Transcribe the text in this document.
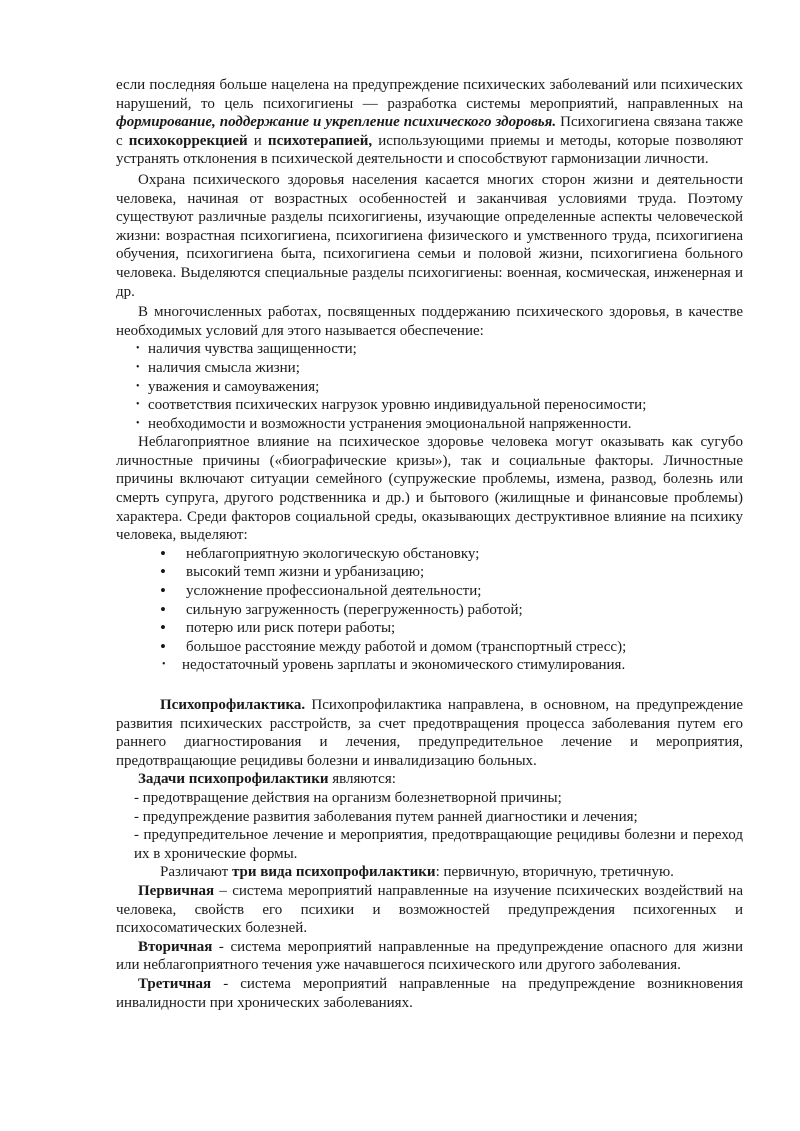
если последняя больше нацелена на предупреждение психических заболеваний или психических нарушений, то цель психогигиены — разработка системы мероприятий, направленных на формирование, поддержание и укрепление психического здоровья. Психогигиена связана также с психокоррекцией и психотерапией, использующими приемы и методы, которые позволяют устранять отклонения в психической деятельности и способствуют гармонизации личности.

Охрана психического здоровья населения касается многих сторон жизни и деятельности человека, начиная от возрастных особенностей и заканчивая условиями труда. Поэтому существуют различные разделы психогигиены, изучающие определенные аспекты человеческой жизни: возрастная психогигиена, психогигиена физического и умственного труда, психогигиена обучения, психогигиена быта, психогигиена семьи и половой жизни, психогигиена больного человека. Выделяются специальные разделы психогигиены: военная, космическая, инженерная и др.

В многочисленных работах, посвященных поддержанию психического здоровья, в качестве необходимых условий для этого называется обеспечение:

• наличия чувства защищенности;
• наличия смысла жизни;
• уважения и самоуважения;
• соответствия психических нагрузок уровню индивидуальной переносимости;
• необходимости и возможности устранения эмоциональной напряженности.

Неблагоприятное влияние на психическое здоровье человека могут оказывать как сугубо личностные причины («биографические кризы»), так и социальные факторы. Личностные причины включают ситуации семейного (супружеские проблемы, измена, развод, болезнь или смерть супруга, другого родственника и др.) и бытового (жилищные и финансовые проблемы) характера. Среди факторов социальной среды, оказывающих деструктивное влияние на психику человека, выделяют:

• неблагоприятную экологическую обстановку;
• высокий темп жизни и урбанизацию;
• усложнение профессиональной деятельности;
• сильную загруженность (перегруженность) работой;
• потерю или риск потери работы;
• большое расстояние между работой и домом (транспортный стресс);
• недостаточный уровень зарплаты и экономического стимулирования.

Психопрофилактика. Психопрофилактика направлена, в основном, на предупреждение развития психических расстройств, за счет предотвращения процесса заболевания путем его раннего диагностирования и лечения, предупредительное лечение и мероприятия, предотвращающие рецидивы болезни и инвалидизацию больных.

Задачи психопрофилактики являются:

- предотвращение действия на организм болезнетворной причины;
- предупреждение развития заболевания путем ранней диагностики и лечения;
- предупредительное лечение и мероприятия, предотвращающие рецидивы болезни и переход их в хронические формы.

Различают три вида психопрофилактики: первичную, вторичную, третичную.

Первичная – система мероприятий направленные на изучение психических воздействий на человека, свойств его психики и возможностей предупреждения психогенных и психосоматических болезней.

Вторичная - система мероприятий направленные на предупреждение опасного для жизни или неблагоприятного течения уже начавшегося психического или другого заболевания.

Третичная - система мероприятий направленные на предупреждение возникновения инвалидности при хронических заболеваниях.
